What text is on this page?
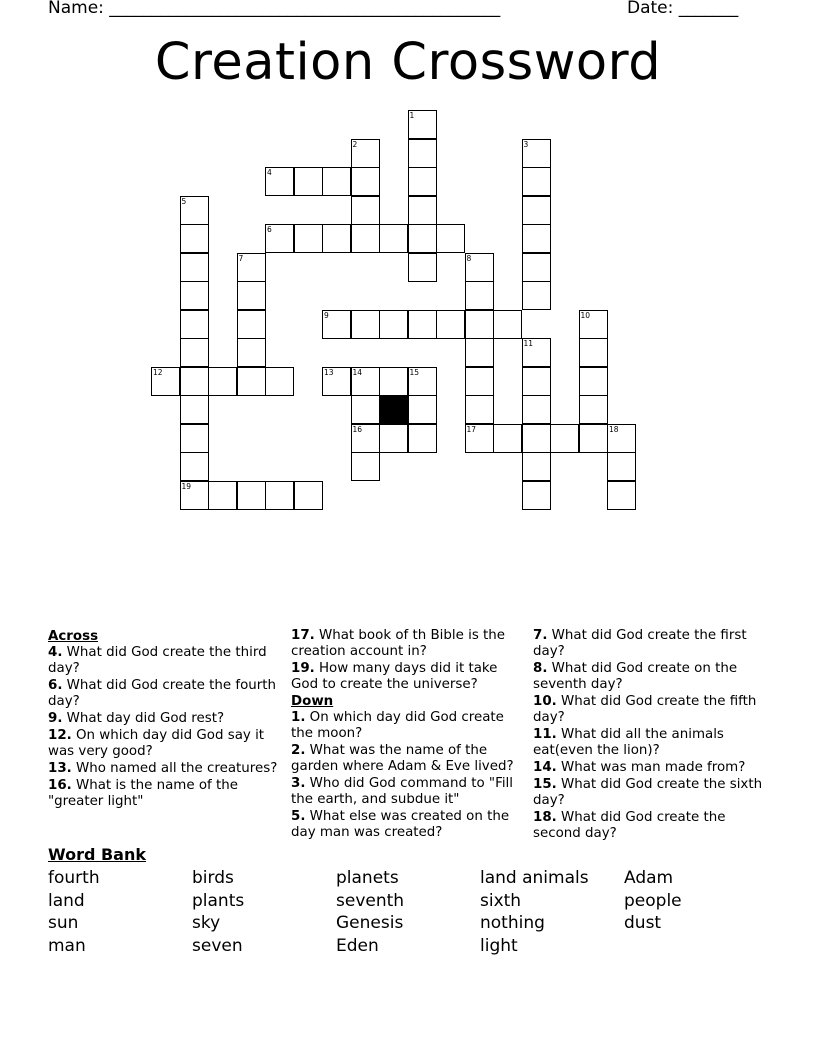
Name: ______________________________________________	Date: _______
Creation Crossword
1
2	3
4
5
6
7	8
9	10
11
12	13	14	15
16	17	18
19
Across
4. What did God create the third day?
6. What did God create the fourth day?
9. What day did God rest?
12. On which day did God say it was very good?
13. Who named all the creatures?
16. What is the name of the "greater light"
17. What book of th Bible is the creation account in?
19. How many days did it take God to create the universe?
Down
1. On which day did God create the moon?
2. What was the name of the garden where Adam & Eve lived?
3. Who did God command to "Fill the earth, and subdue it"
5. What else was created on the day man was created?
7. What did God create the first day?
8. What did God create on the seventh day?
10. What did God create the fifth day?
11. What did all the animals eat(even the lion)?
14. What was man made from?
15. What did God create the sixth day?
18. What did God create the second day?
Word Bank
fourth
land
sun
man
birds
plants
sky
seven
planets
seventh
Genesis
Eden
land animals
sixth
nothing
light
Adam
people
dust
